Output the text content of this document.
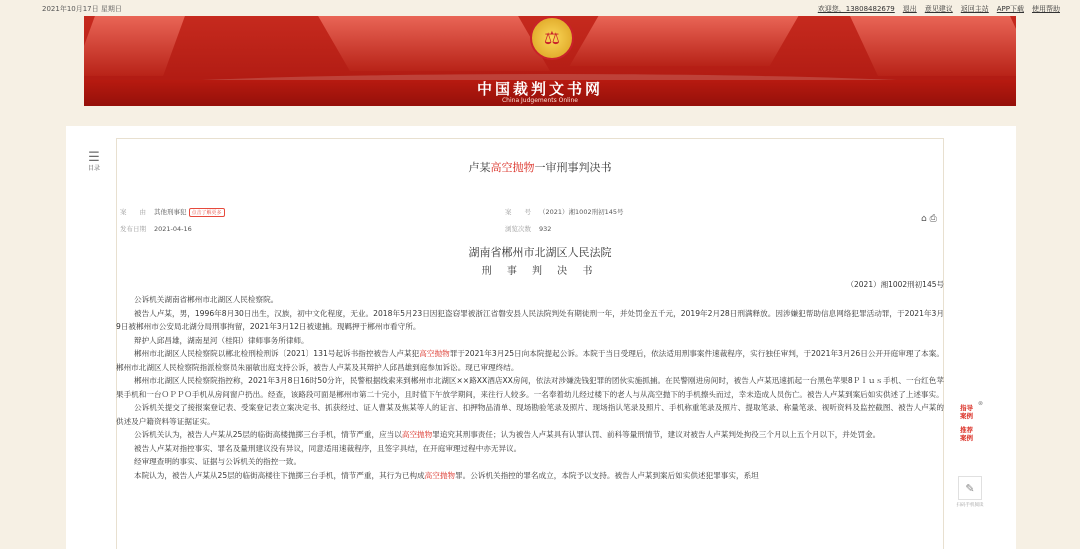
2021年10月17日 星期日	欢迎您，13808482679 退出 意见建议 返回主站 APP下载 使用帮助
⚖
中国裁判文书网
China Judgements Online
☰
目录	卢某高空抛物一审刑事判决书
案　　由 其他刑事犯 点击了解更多	案　　号 （2021）湘1002刑初145号
发布日期 2021-04-16	浏览次数 932
⌂ ⎙
湖南省郴州市北湖区人民法院
刑 事 判 决 书
（2021）湘1002刑初145号

公诉机关湖南省郴州市北湖区人民检察院。

被告人卢某，男，1996年8月30日出生，汉族，初中文化程度，无业。2018年5月23日因犯盗窃罪被浙江省磐安县人民法院判处有期徒刑一年，并处罚金五千元，2019年2月28日刑满释放。因涉嫌犯帮助信息网络犯罪活动罪，于2021年3月9日被郴州市公安局北湖分局刑事拘留，2021年3月12日被逮捕。现羁押于郴州市看守所。

辩护人邱昌雄，湖南星河（桂阳）律师事务所律师。

郴州市北湖区人民检察院以郴北检刑检刑诉〔2021〕131号起诉书指控被告人卢某犯高空抛物罪于2021年3月25日向本院提起公诉。本院于当日受理后，依法适用刑事案件速裁程序，实行独任审判，于2021年3月26日公开开庭审理了本案。郴州市北湖区人民检察院指派检察员朱丽敏出庭支持公诉，被告人卢某及其辩护人邱昌雄到庭参加诉讼。现已审理终结。

郴州市北湖区人民检察院指控称，2021年3月8日16时50分许，民警根据线索来到郴州市北湖区××路XX酒店XX房间，依法对涉嫌洗钱犯罪的团伙实施抓捕。在民警刚进房间时，被告人卢某迅速抓起一台黑色苹果8Ｐｌｕｓ手机、一台红色苹果手机和一台ＯＰＰＯ手机从房间窗户扔出。经查，该路段可面是郴州市第二十完小，且时值下午放学期间，来往行人较多。一名奉着幼儿经过楼下的老人与从高空抛下的手机擦头而过，幸未造成人员伤亡。被告人卢某到案后如实供述了上述事实。

公诉机关提交了接报案登记表、受案登记表立案决定书、抓获经过、证人曹某及焦某等人的证言、扣押物品清单、现场勘验笔录及照片、现场指认笔录及照片、手机称重笔录及照片、提取笔录、称量笔录、视听资料及监控截图、被告人卢某的供述及户籍资料等证据证实。

公诉机关认为，被告人卢某从25层的临街高楼抛掷三台手机，情节严重，应当以高空抛物罪追究其刑事责任；认为被告人卢某具有认罪认罚、前科等量刑情节，建议对被告人卢某判处拘役三个月以上五个月以下，并处罚金。

被告人卢某对指控事实、罪名及量刑建议没有异议，同意适用速裁程序，且签字具结，在开庭审理过程中亦无异议。

经审理查明的事实、证据与公诉机关的指控一致。

本院认为，被告人卢某从25层的临街高楼往下抛掷三台手机，情节严重，其行为已构成高空抛物罪。公诉机关指控的罪名成立，本院予以支持。被告人卢某到案后如实供述犯罪事实，系坦

⊗
指导案例
推荐案例
✎
扫码手机阅读
